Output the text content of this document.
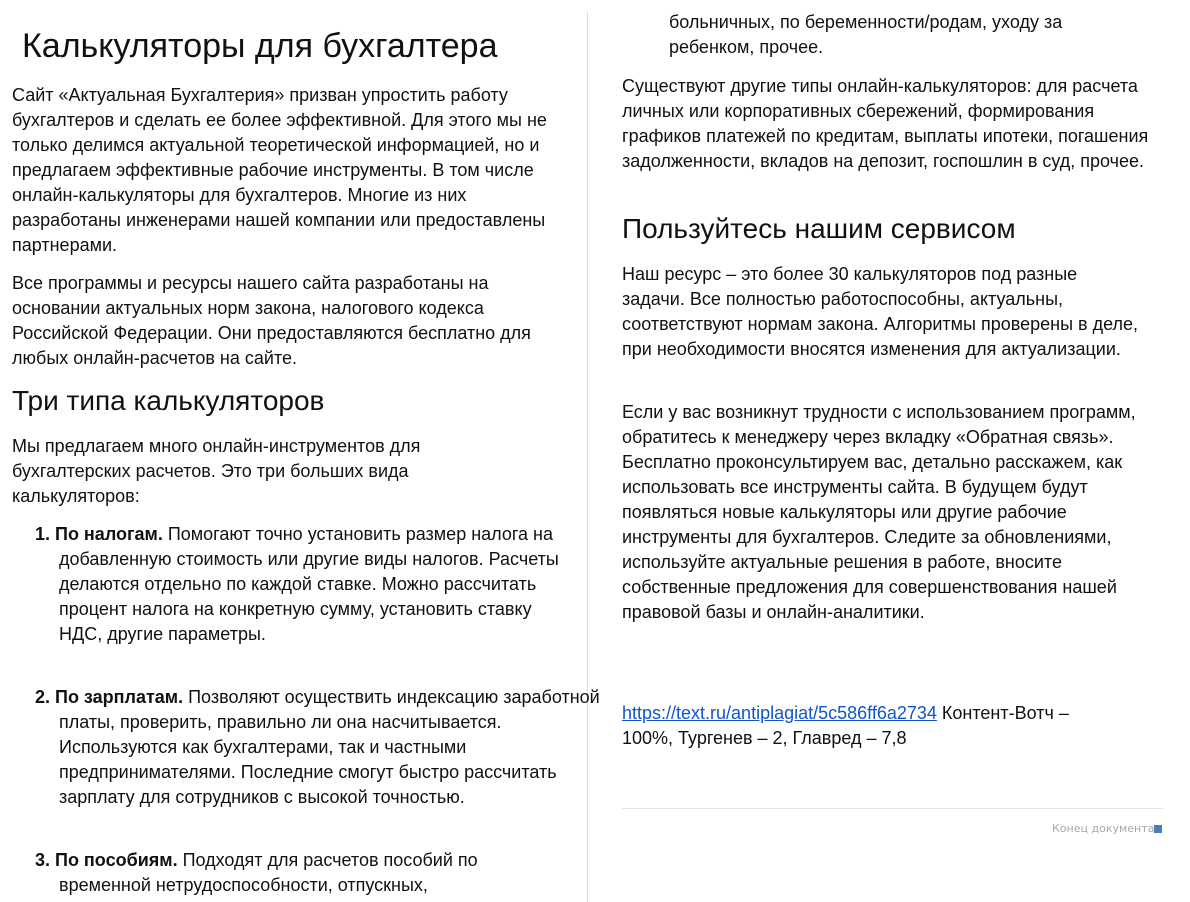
Калькуляторы для бухгалтера

Сайт «Актуальная Бухгалтерия» призван упростить работу бухгалтеров и сделать ее более эффективной. Для этого мы не только делимся актуальной теоретической информацией, но и предлагаем эффективные рабочие инструменты. В том числе онлайн-калькуляторы для бухгалтеров. Многие из них разработаны инженерами нашей компании или предоставлены партнерами.

Все программы и ресурсы нашего сайта разработаны на основании актуальных норм закона, налогового кодекса Российской Федерации. Они предоставляются бесплатно для любых онлайн-расчетов на сайте.

Три типа калькуляторов

Мы предлагаем много онлайн-инструментов для бухгалтерских расчетов. Это три больших вида калькуляторов:

1. По налогам. Помогают точно установить размер налога на добавленную стоимость или другие виды налогов. Расчеты делаются отдельно по каждой ставке. Можно рассчитать процент налога на конкретную сумму, установить ставку НДС, другие параметры.
2. По зарплатам. Позволяют осуществить индексацию заработной платы, проверить, правильно ли она насчитывается. Используются как бухгалтерами, так и частными предпринимателями. Последние смогут быстро рассчитать зарплату для сотрудников с высокой точностью.
3. По пособиям. Подходят для расчетов пособий по временной нетрудоспособности, отпускных,

больничных, по беременности/родам, уходу за ребенком, прочее.

Существуют другие типы онлайн-калькуляторов: для расчета личных или корпоративных сбережений, формирования графиков платежей по кредитам, выплаты ипотеки, погашения задолженности, вкладов на депозит, госпошлин в суд, прочее.

Пользуйтесь нашим сервисом

Наш ресурс – это более 30 калькуляторов под разные задачи. Все полностью работоспособны, актуальны, соответствуют нормам закона. Алгоритмы проверены в деле, при необходимости вносятся изменения для актуализации.

Если у вас возникнут трудности с использованием программ, обратитесь к менеджеру через вкладку «Обратная связь». Бесплатно проконсультируем вас, детально расскажем, как использовать все инструменты сайта. В будущем будут появляться новые калькуляторы или другие рабочие инструменты для бухгалтеров. Следите за обновлениями, используйте актуальные решения в работе, вносите собственные предложения для совершенствования нашей правовой базы и онлайн-аналитики.

https://text.ru/antiplagiat/5c586ff6a2734 Контент-Вотч – 100%, Тургенев – 2, Главред – 7,8

Конец документа
